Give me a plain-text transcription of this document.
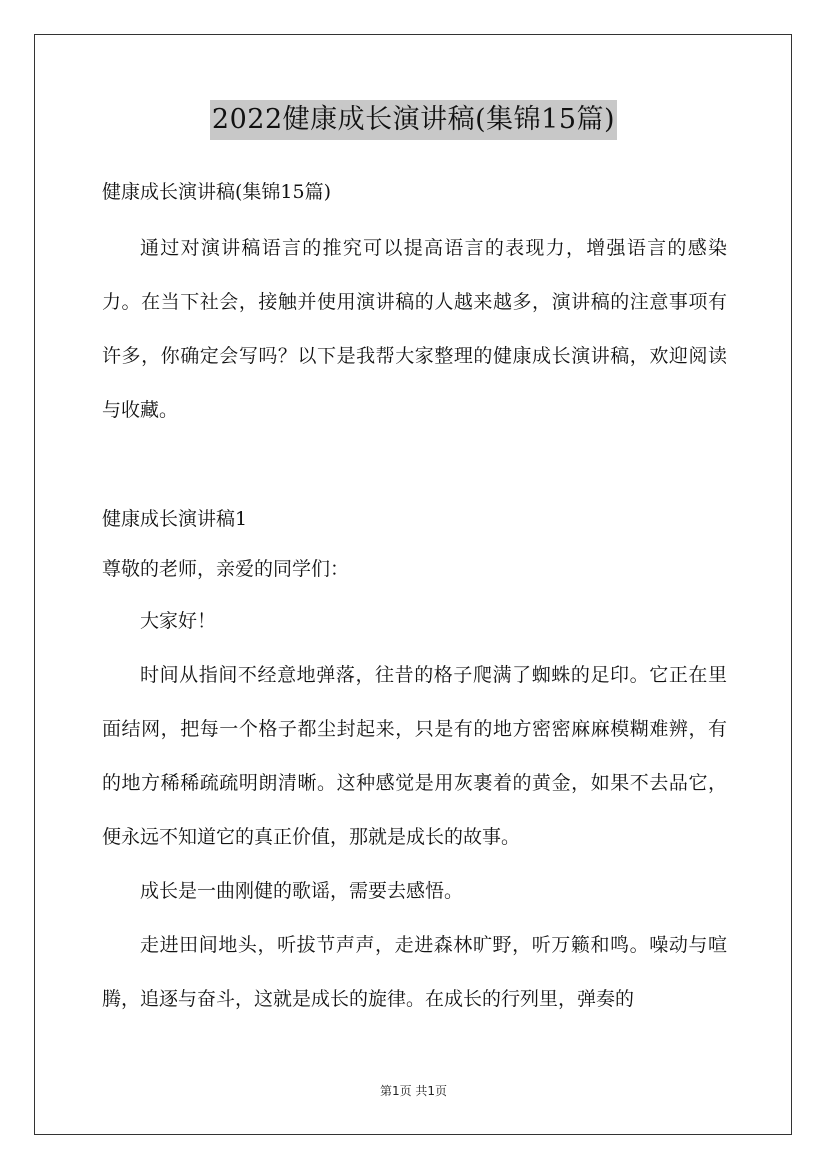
2022健康成长演讲稿(集锦15篇)
健康成长演讲稿(集锦15篇)

通过对演讲稿语言的推究可以提高语言的表现力，增强语言的感染力。在当下社会，接触并使用演讲稿的人越来越多，演讲稿的注意事项有许多，你确定会写吗？以下是我帮大家整理的健康成长演讲稿，欢迎阅读与收藏。

健康成长演讲稿1

尊敬的老师，亲爱的同学们：

大家好！

时间从指间不经意地弹落，往昔的格子爬满了蜘蛛的足印。它正在里面结网，把每一个格子都尘封起来，只是有的地方密密麻麻模糊难辨，有的地方稀稀疏疏明朗清晰。这种感觉是用灰裹着的黄金，如果不去品它，便永远不知道它的真正价值，那就是成长的故事。

成长是一曲刚健的歌谣，需要去感悟。

走进田间地头，听拔节声声，走进森林旷野，听万籁和鸣。噪动与喧腾，追逐与奋斗，这就是成长的旋律。在成长的行列里，弹奏的

第1页 共1页
